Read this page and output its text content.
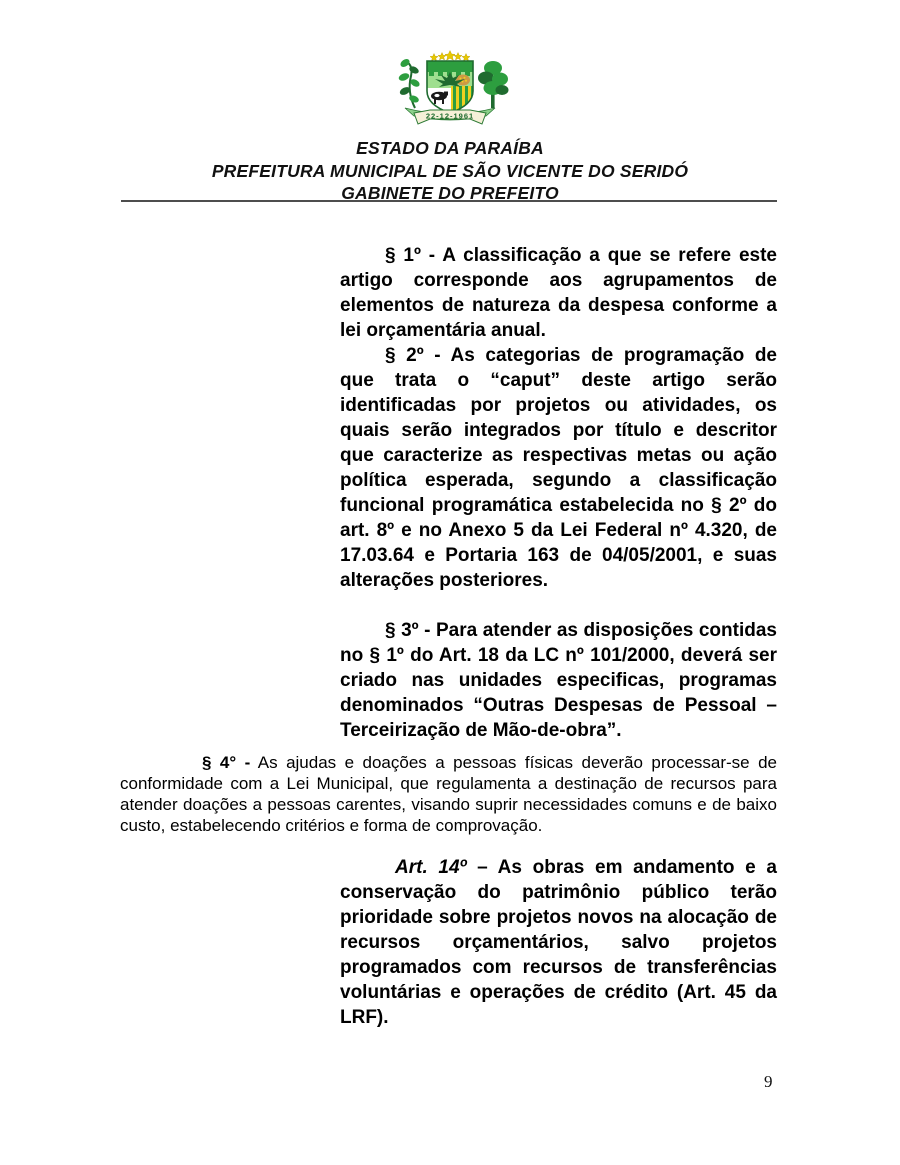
22-12-1961
ESTADO DA PARAÍBA
PREFEITURA MUNICIPAL DE SÃO VICENTE DO SERIDÓ
GABINETE DO PREFEITO

§ 1º - A classificação a que se refere este artigo corresponde aos agrupamentos de elementos de natureza da despesa conforme a lei orçamentária anual.

§ 2º - As categorias de programação de que trata o “caput” deste artigo serão identificadas por projetos ou atividades, os quais serão integrados por título e descritor que caracterize as respectivas metas ou ação política esperada, segundo a classificação funcional programática estabelecida no § 2º do art. 8º e no Anexo 5 da Lei Federal nº 4.320, de 17.03.64 e Portaria 163 de 04/05/2001, e suas alterações posteriores.

§ 3º - Para atender as disposições contidas no § 1º do Art. 18 da LC nº 101/2000, deverá ser criado nas unidades especificas, programas denominados “Outras Despesas de Pessoal – Terceirização de Mão-de-obra”.

§ 4° - As ajudas e doações a pessoas físicas deverão processar-se de conformidade com a Lei Municipal, que regulamenta a destinação de recursos para atender doações a pessoas carentes, visando suprir necessidades comuns e de baixo custo, estabelecendo critérios e forma de comprovação.

Art. 14º – As obras em andamento e a conservação do patrimônio público terão prioridade sobre projetos novos na alocação de recursos orçamentários, salvo projetos programados com recursos de transferências voluntárias e operações de crédito (Art. 45 da LRF).

9
